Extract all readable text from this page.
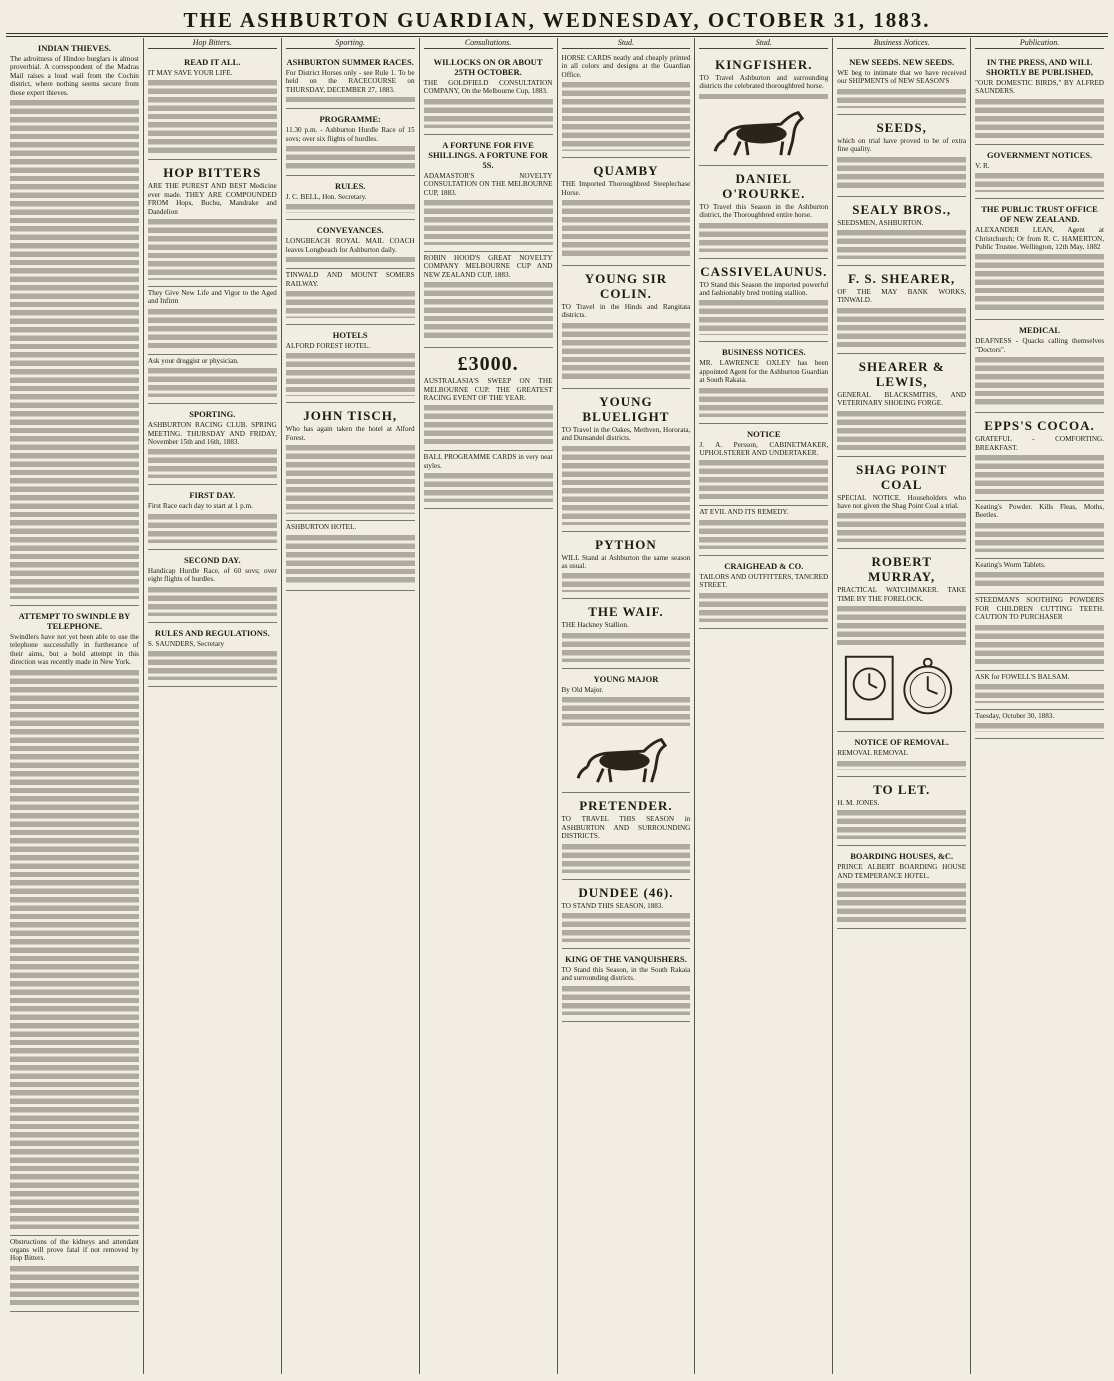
THE ASHBURTON GUARDIAN, WEDNESDAY, OCTOBER 31, 1883.
INDIAN THIEVES.
The adroitness of Hindoo burglars is almost proverbial. A correspondent of the Madras Mail raises a loud wail from the Cochin district, where nothing seems secure from these expert thieves.
ATTEMPT TO SWINDLE BY TELEPHONE.
Swindlers have not yet been able to use the telephone successfully in furtherance of their aims, but a bold attempt in this direction was recently made in New York.
Obstructions of the kidneys and attendant organs will prove fatal if not removed by Hop Bitters.
Hop Bitters.
READ IT ALL.
IT MAY SAVE YOUR LIFE.
HOP BITTERS
ARE THE PUREST AND BEST Medicine ever made. THEY ARE COMPOUNDED FROM Hops, Buchu, Mandrake and Dandelion
They Give New Life and Vigor to the Aged and Infirm
Ask your druggist or physician.
SPORTING.
ASHBURTON RACING CLUB. SPRING MEETING. THURSDAY AND FRIDAY, November 15th and 16th, 1883.
FIRST DAY.
First Race each day to start at 1 p.m.
SECOND DAY.
Handicap Hurdle Race, of 60 sovs; over eight flights of hurdles.
RULES AND REGULATIONS.
S. SAUNDERS, Secretary
Sporting.
ASHBURTON SUMMER RACES.
For District Horses only - see Rule 1. To be held on the RACECOURSE on THURSDAY, DECEMBER 27, 1883.
PROGRAMME:
11.30 p.m. - Ashburton Hurdle Race of 15 sovs; over six flights of hurdles.
RULES.
J. C. BELL, Hon. Secretary.
CONVEYANCES.
LONGBEACH ROYAL MAIL COACH leaves Longbeach for Ashburton daily.
TINWALD AND MOUNT SOMERS RAILWAY.
HOTELS
ALFORD FOREST HOTEL.
JOHN TISCH,
Who has again taken the hotel at Alford Forest.
ASHBURTON HOTEL.
Consultations.
WILLOCKS ON OR ABOUT 25TH OCTOBER.
THE GOLDFIELD CONSULTATION COMPANY, On the Melbourne Cup, 1883.
A FORTUNE FOR FIVE SHILLINGS. A FORTUNE FOR 5S.
ADAMASTOR'S NOVELTY CONSULTATION ON THE MELBOURNE CUP, 1883.
ROBIN HOOD'S GREAT NOVELTY COMPANY MELBOURNE CUP AND NEW ZEALAND CUP, 1883.
£3000.
AUSTRALASIA'S SWEEP ON THE MELBOURNE CUP. THE GREATEST RACING EVENT OF THE YEAR.
BALL PROGRAMME CARDS in very neat styles.
Stud.
HORSE CARDS neatly and cheaply printed in all colors and designs at the Guardian Office.
QUAMBY
THE Imported Thoroughbred Steeplechase Horse.
YOUNG SIR COLIN.
TO Travel in the Hinds and Rangitata districts.
YOUNG BLUELIGHT
TO Travel in the Oakes, Methven, Hororata, and Dunsandel districts.
PYTHON
WILL Stand at Ashburton the same season as usual.
THE WAIF.
THE Hackney Stallion.
YOUNG MAJOR
By Old Major.
PRETENDER.
TO TRAVEL THIS SEASON in ASHBURTON AND SURROUNDING DISTRICTS.
DUNDEE (46).
TO STAND THIS SEASON, 1883.
KING OF THE VANQUISHERS.
TO Stand this Season, in the South Rakaia and surrounding districts.
Stud.
KINGFISHER.
TO Travel Ashburton and surrounding districts the celebrated thoroughbred horse.
DANIEL O'ROURKE.
TO Travel this Season in the Ashburton district, the Thoroughbred entire horse.
CASSIVELAUNUS.
TO Stand this Season the imported powerful and fashionably bred trotting stallion.
BUSINESS NOTICES.
MR. LAWRENCE OXLEY has been appointed Agent for the Ashburton Guardian at South Rakaia.
NOTICE
J. A. Persson, CABINETMAKER, UPHOLSTERER AND UNDERTAKER.
AT EVIL AND ITS REMEDY.
CRAIGHEAD & CO.
TAILORS AND OUTFITTERS, TANCRED STREET.
Business Notices.
NEW SEEDS. NEW SEEDS.
WE beg to intimate that we have received our SHIPMENTS of NEW SEASON'S
SEEDS,
which on trial have proved to be of extra fine quality.
SEALY BROS.,
SEEDSMEN, ASHBURTON.
F. S. SHEARER,
OF THE MAY BANK WORKS, TINWALD.
SHEARER & LEWIS,
GENERAL BLACKSMITHS, AND VETERINARY SHOEING FORGE.
SHAG POINT COAL
SPECIAL NOTICE. Householders who have not given the Shag Point Coal a trial.
ROBERT MURRAY,
PRACTICAL WATCHMAKER. TAKE TIME BY THE FORELOCK.
NOTICE OF REMOVAL.
REMOVAL REMOVAL
TO LET.
H. M. JONES.
BOARDING HOUSES, &C.
PRINCE ALBERT BOARDING HOUSE AND TEMPERANCE HOTEL.
Publication.
IN THE PRESS, AND WILL SHORTLY BE PUBLISHED,
"OUR DOMESTIC BIRDS," BY ALFRED SAUNDERS.
GOVERNMENT NOTICES.
V. R.
THE PUBLIC TRUST OFFICE OF NEW ZEALAND.
ALEXANDER LEAN, Agent at Christchurch; Or from R. C. HAMERTON, Public Trustee. Wellington, 12th May, 1882
MEDICAL
DEAFNESS - Quacks calling themselves "Doctors".
EPPS'S COCOA.
GRATEFUL - COMFORTING. BREAKFAST.
Keating's Powder. Kills Fleas, Moths, Beetles.
Keating's Worm Tablets.
STEEDMAN'S SOOTHING POWDERS FOR CHILDREN CUTTING TEETH. CAUTION TO PURCHASER
ASK for FOWELL'S BALSAM.
Tuesday, October 30, 1883.
